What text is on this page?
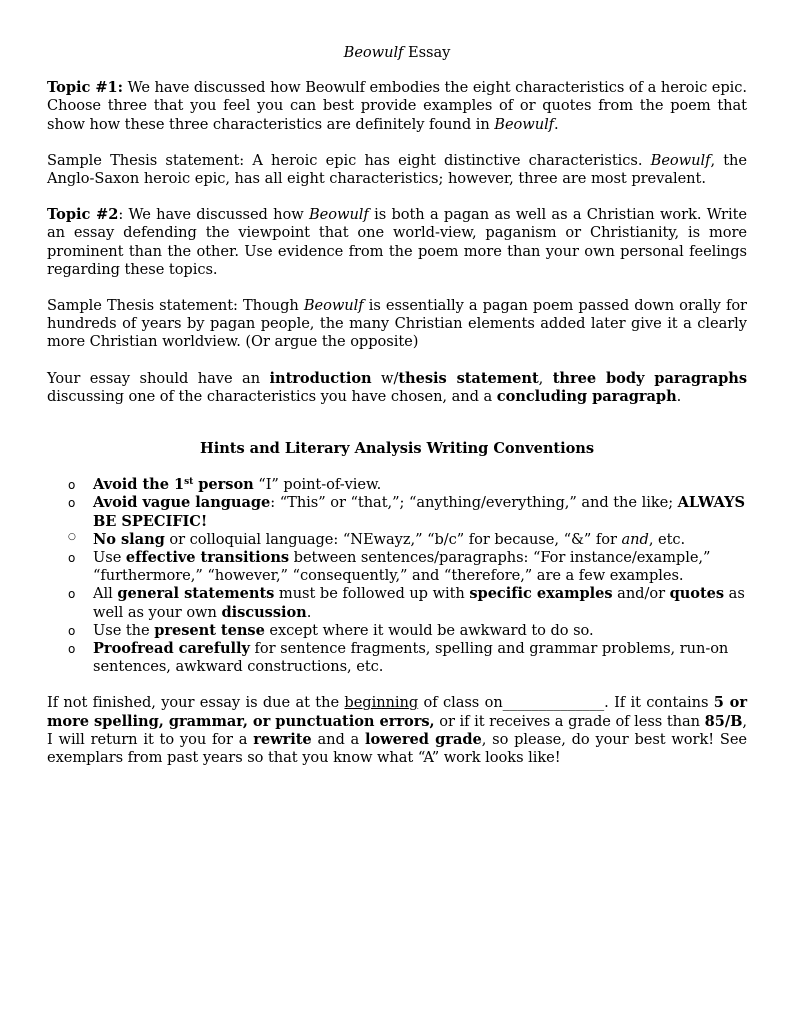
Beowulf Essay

Topic #1: We have discussed how Beowulf embodies the eight characteristics of a heroic epic. Choose three that you feel you can best provide examples of or quotes from the poem that show how these three characteristics are definitely found in Beowulf.

Sample Thesis statement: A heroic epic has eight distinctive characteristics. Beowulf, the Anglo-Saxon heroic epic, has all eight characteristics; however, three are most prevalent.

Topic #2: We have discussed how Beowulf is both a pagan as well as a Christian work. Write an essay defending the viewpoint that one world-view, paganism or Christianity, is more prominent than the other. Use evidence from the poem more than your own personal feelings regarding these topics.

Sample Thesis statement: Though Beowulf is essentially a pagan poem passed down orally for hundreds of years by pagan people, the many Christian elements added later give it a clearly more Christian worldview. (Or argue the opposite)

Your essay should have an introduction w/thesis statement, three body paragraphs discussing one of the characteristics you have chosen, and a concluding paragraph.

Hints and Literary Analysis Writing Conventions
o Avoid the 1st person “I” point-of-view.
o Avoid vague language: “This” or “that,”; “anything/everything,” and the like; ALWAYS BE SPECIFIC!
○ No slang or colloquial language: “NEwayz,” “b/c” for because, “&” for and, etc.
o Use effective transitions between sentences/paragraphs: “For instance/example,” “furthermore,” “however,” “consequently,” and “therefore,” are a few examples.
o All general statements must be followed up with specific examples and/or quotes as well as your own discussion.
o Use the present tense except where it would be awkward to do so.
o Proofread carefully for sentence fragments, spelling and grammar problems, run-on sentences, awkward constructions, etc.

If not finished, your essay is due at the beginning of class on______________. If it contains 5 or more spelling, grammar, or punctuation errors, or if it receives a grade of less than 85/B, I will return it to you for a rewrite and a lowered grade, so please, do your best work! See exemplars from past years so that you know what “A” work looks like!
